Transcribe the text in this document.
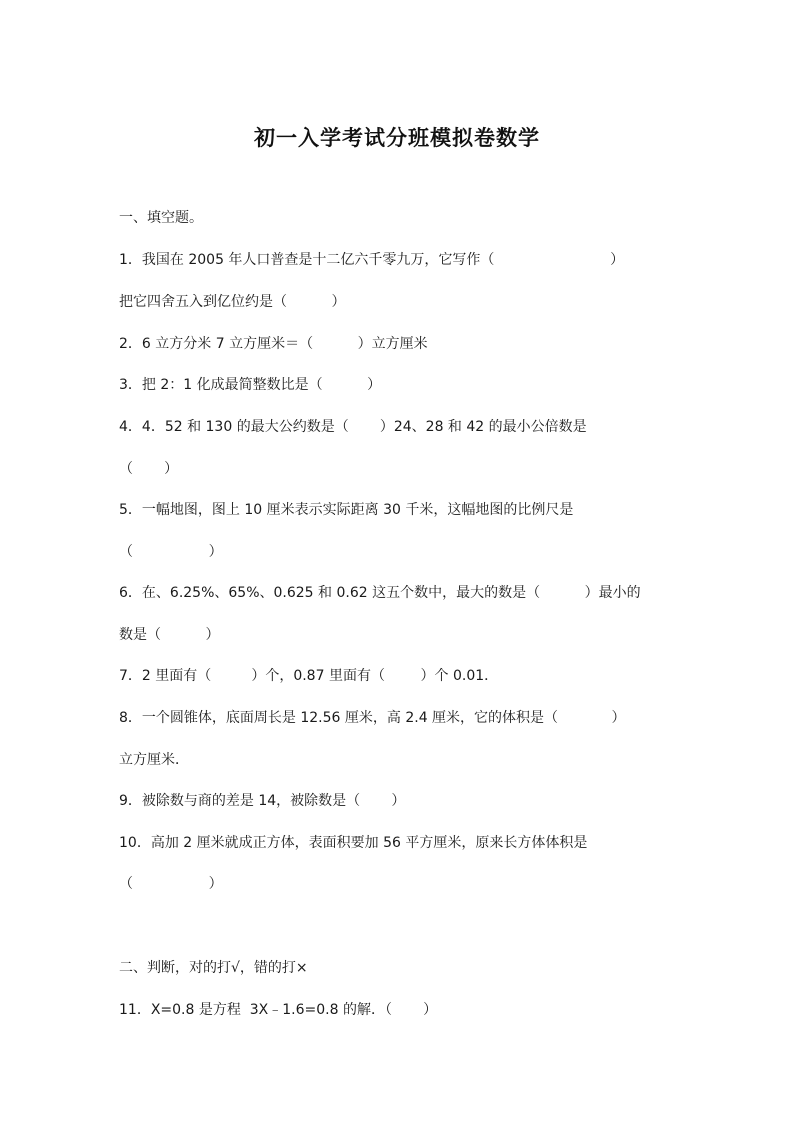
初一入学考试分班模拟卷数学
一、填空题。
1．我国在 2005 年人口普查是十二亿六千零九万，它写作（                          ）
把它四舍五入到亿位约是（          ）
2．6 立方分米 7 立方厘米＝（          ）立方厘米
3．把 2：1 化成最简整数比是（          ）
4．4．52 和 130 的最大公约数是（       ）24、28 和 42 的最小公倍数是
（       ）
5．一幅地图，图上 10 厘米表示实际距离 30 千米，这幅地图的比例尺是
（                 ）
6．在、6.25%、65%、0.625 和 0.62 这五个数中，最大的数是（          ）最小的
数是（          ）
7．2 里面有（         ）个，0.87 里面有（        ）个 0.01．
8．一个圆锥体，底面周长是 12.56 厘米，高 2.4 厘米，它的体积是（            ）
立方厘米．
9．被除数与商的差是 14，被除数是（       ）
10．高加 2 厘米就成正方体，表面积要加 56 平方厘米，原来长方体体积是
（                 ）
二、判断，对的打√，错的打×
11．X=0.8 是方程  3X﹣1.6=0.8 的解．（       ）
